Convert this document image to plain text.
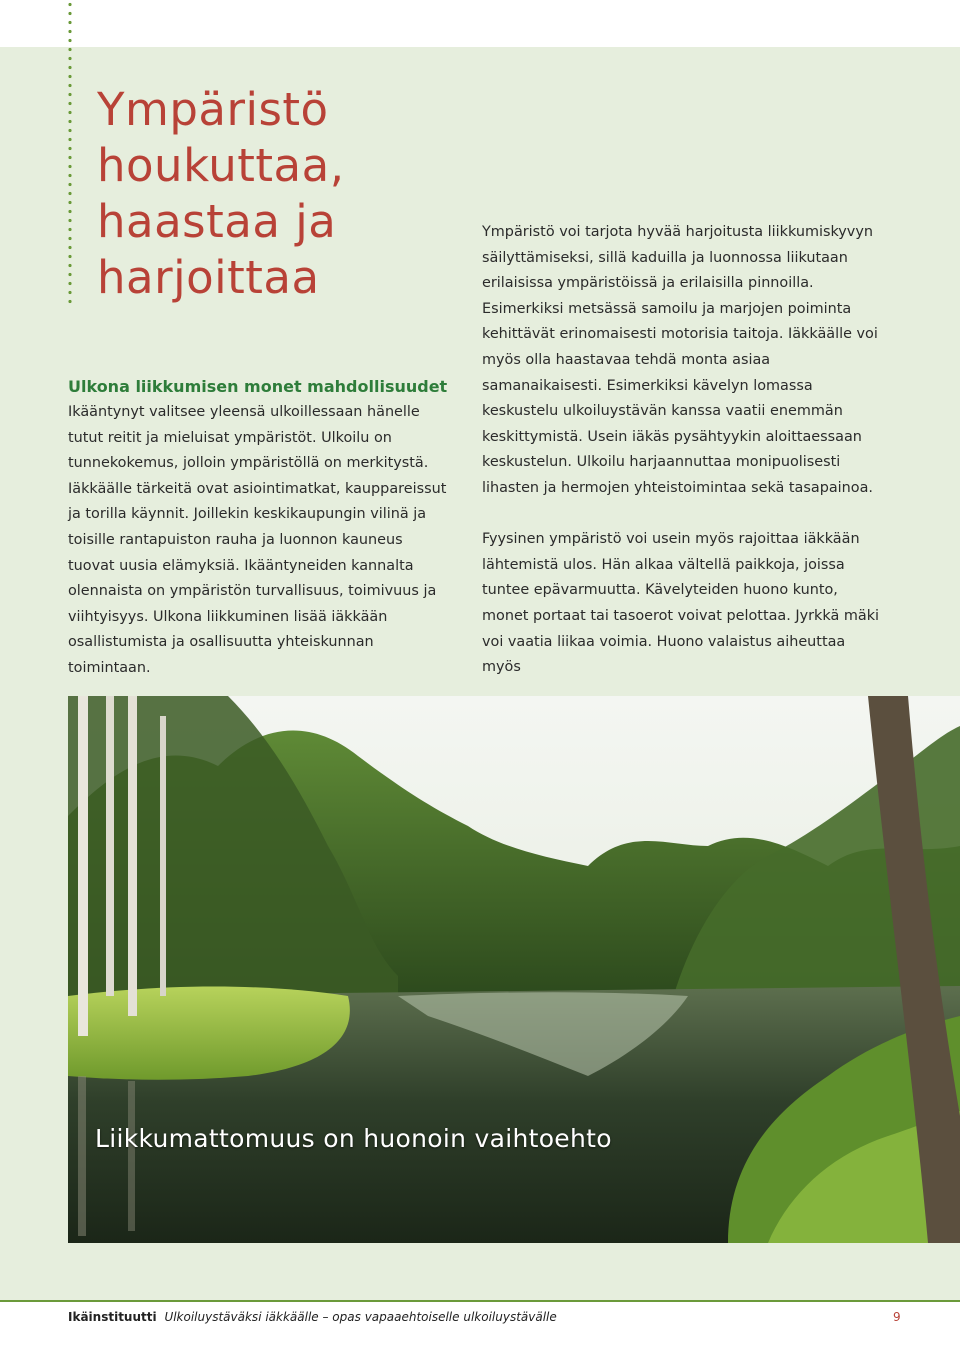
Ympäristö
houkuttaa,
haastaa ja
harjoittaa
Ulkona liikkumisen monet mahdollisuudet

Ikääntynyt valitsee yleensä ulkoillessaan hänelle tutut reitit ja mieluisat ympäristöt. Ulkoilu on tunnekokemus, jolloin ympäristöllä on merkitystä. Iäkkäälle tärkeitä ovat asiointimatkat, kauppareissut ja torilla käynnit. Joillekin keskikaupungin vilinä ja toisille rantapuiston rauha ja luonnon kauneus tuovat uusia elämyksiä. Ikääntyneiden kannalta olennaista on ympäristön turvallisuus, toimivuus ja viihtyisyys. Ulkona liikkuminen lisää iäkkään osallistumista ja osallisuutta yhteiskunnan toimintaan.

Ympäristö voi tarjota hyvää harjoitusta liikkumiskyvyn säilyttämiseksi, sillä kaduilla ja luonnossa liikutaan erilaisissa ympäristöissä ja erilaisilla pinnoilla. Esimerkiksi metsässä samoilu ja marjojen poiminta kehittävät erinomaisesti motorisia taitoja. Iäkkäälle voi myös olla haastavaa tehdä monta asiaa samanaikaisesti. Esimerkiksi kävelyn lomassa keskustelu ulkoiluystävän kanssa vaatii enemmän keskittymistä. Usein iäkäs pysähtyykin aloittaessaan keskustelun. Ulkoilu harjaannuttaa monipuolisesti lihasten ja hermojen yhteistoimintaa sekä tasapainoa.

Fyysinen ympäristö voi usein myös rajoittaa iäkkään lähtemistä ulos. Hän alkaa vältellä paikkoja, joissa tuntee epävarmuutta. Kävelyteiden huono kunto, monet portaat tai tasoerot voivat pelottaa. Jyrkkä mäki voi vaatia liikaa voimia. Huono valaistus aiheuttaa myös

Liikkumattomuus on huonoin vaihtoehto
Ikäinstituutti Ulkoiluystäväksi iäkkäälle – opas vapaaehtoiselle ulkoiluystävälle	9
